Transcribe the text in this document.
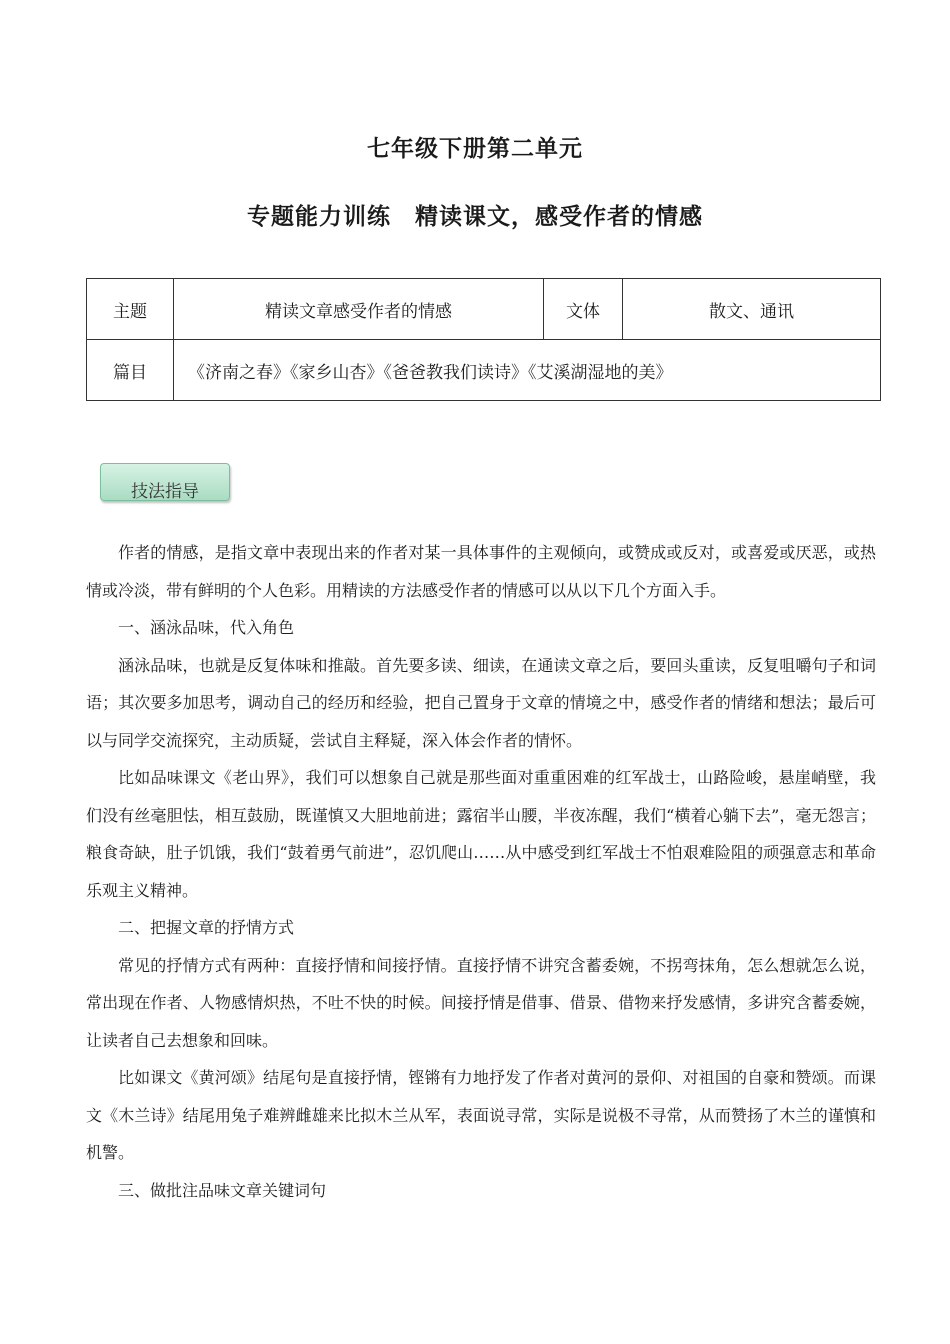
七年级下册第二单元
专题能力训练　精读课文，感受作者的情感
主题	精读文章感受作者的情感	文体	散文、通讯
篇目	《济南之春》《家乡山杏》《爸爸教我们读诗》《艾溪湖湿地的美》		
技法指导

作者的情感，是指文章中表现出来的作者对某一具体事件的主观倾向，或赞成或反对，或喜爱或厌恶，或热情或冷淡，带有鲜明的个人色彩。用精读的方法感受作者的情感可以从以下几个方面入手。

一、涵泳品味，代入角色

涵泳品味，也就是反复体味和推敲。首先要多读、细读，在通读文章之后，要回头重读，反复咀嚼句子和词语；其次要多加思考，调动自己的经历和经验，把自己置身于文章的情境之中，感受作者的情绪和想法；最后可以与同学交流探究，主动质疑，尝试自主释疑，深入体会作者的情怀。

比如品味课文《老山界》，我们可以想象自己就是那些面对重重困难的红军战士，山路险峻，悬崖峭壁，我们没有丝毫胆怯，相互鼓励，既谨慎又大胆地前进；露宿半山腰，半夜冻醒，我们“横着心躺下去”，毫无怨言；粮食奇缺，肚子饥饿，我们“鼓着勇气前进”，忍饥爬山……从中感受到红军战士不怕艰难险阻的顽强意志和革命乐观主义精神。

二、把握文章的抒情方式

常见的抒情方式有两种：直接抒情和间接抒情。直接抒情不讲究含蓄委婉，不拐弯抹角，怎么想就怎么说，常出现在作者、人物感情炽热，不吐不快的时候。间接抒情是借事、借景、借物来抒发感情，多讲究含蓄委婉，让读者自己去想象和回味。

比如课文《黄河颂》结尾句是直接抒情，铿锵有力地抒发了作者对黄河的景仰、对祖国的自豪和赞颂。而课文《木兰诗》结尾用兔子难辨雌雄来比拟木兰从军，表面说寻常，实际是说极不寻常，从而赞扬了木兰的谨慎和机警。

三、做批注品味文章关键词句
